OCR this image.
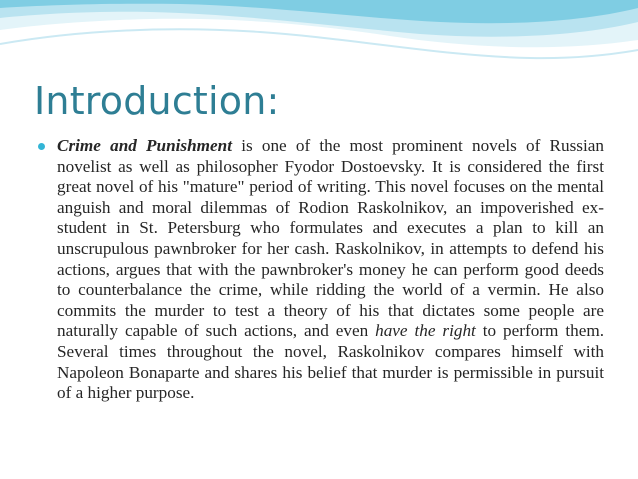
Introduction:

Crime and Punishment is one of the most prominent novels of Russian novelist as well as philosopher Fyodor Dostoevsky. It is considered the first great novel of his "mature" period of writing. This novel focuses on the mental anguish and moral dilemmas of Rodion Raskolnikov, an impoverished ex-student in St. Petersburg who formulates and executes a plan to kill an unscrupulous pawnbroker for her cash. Raskolnikov, in attempts to defend his actions, argues that with the pawnbroker's money he can perform good deeds to counterbalance the crime, while ridding the world of a vermin. He also commits the murder to test a theory of his that dictates some people are naturally capable of such actions, and even have the right to perform them. Several times throughout the novel, Raskolnikov compares himself with Napoleon Bonaparte and shares his belief that murder is permissible in pursuit of a higher purpose.
